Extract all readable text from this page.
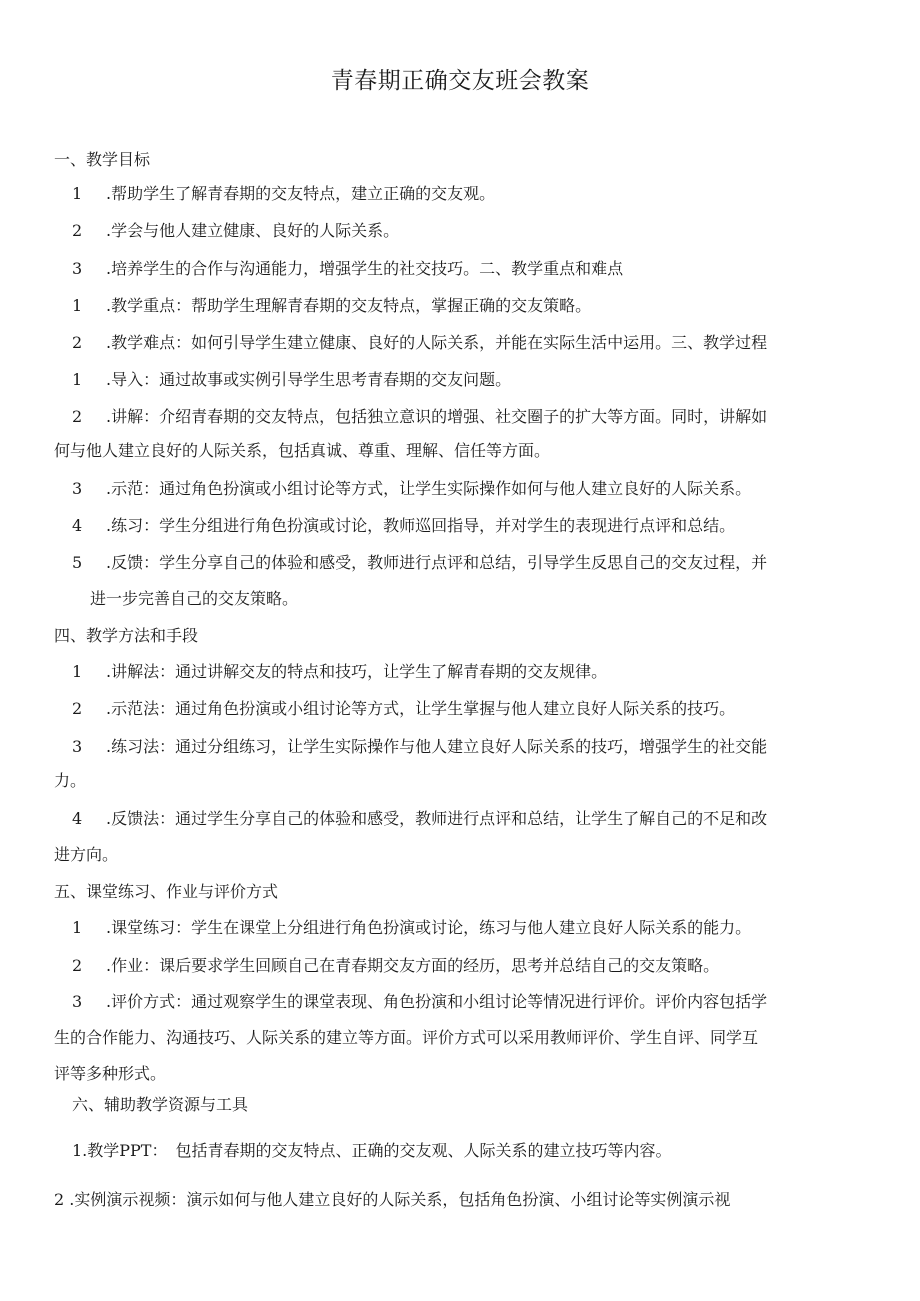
青春期正确交友班会教案
一、教学目标
1 .帮助学生了解青春期的交友特点，建立正确的交友观。
2 .学会与他人建立健康、良好的人际关系。
3 .培养学生的合作与沟通能力，增强学生的社交技巧。二、教学重点和难点
1 .教学重点：帮助学生理解青春期的交友特点，掌握正确的交友策略。
2 .教学难点：如何引导学生建立健康、良好的人际关系，并能在实际生活中运用。三、教学过程
1 .导入：通过故事或实例引导学生思考青春期的交友问题。
2 .讲解：介绍青春期的交友特点，包括独立意识的增强、社交圈子的扩大等方面。同时，讲解如
何与他人建立良好的人际关系，包括真诚、尊重、理解、信任等方面。
3 .示范：通过角色扮演或小组讨论等方式，让学生实际操作如何与他人建立良好的人际关系。
4 .练习：学生分组进行角色扮演或讨论，教师巡回指导，并对学生的表现进行点评和总结。
5 .反馈：学生分享自己的体验和感受，教师进行点评和总结，引导学生反思自己的交友过程，并
进一步完善自己的交友策略。
四、教学方法和手段
1 .讲解法：通过讲解交友的特点和技巧，让学生了解青春期的交友规律。
2 .示范法：通过角色扮演或小组讨论等方式，让学生掌握与他人建立良好人际关系的技巧。
3 .练习法：通过分组练习，让学生实际操作与他人建立良好人际关系的技巧，增强学生的社交能
力。
4 .反馈法：通过学生分享自己的体验和感受，教师进行点评和总结，让学生了解自己的不足和改
进方向。
五、课堂练习、作业与评价方式
1 .课堂练习：学生在课堂上分组进行角色扮演或讨论，练习与他人建立良好人际关系的能力。
2 .作业：课后要求学生回顾自己在青春期交友方面的经历，思考并总结自己的交友策略。
3 .评价方式：通过观察学生的课堂表现、角色扮演和小组讨论等情况进行评价。评价内容包括学
生的合作能力、沟通技巧、人际关系的建立等方面。评价方式可以采用教师评价、学生自评、同学互
评等多种形式。
六、辅助教学资源与工具
1.教学PPT：　包括青春期的交友特点、正确的交友观、人际关系的建立技巧等内容。
2 .实例演示视频：演示如何与他人建立良好的人际关系，包括角色扮演、小组讨论等实例演示视
